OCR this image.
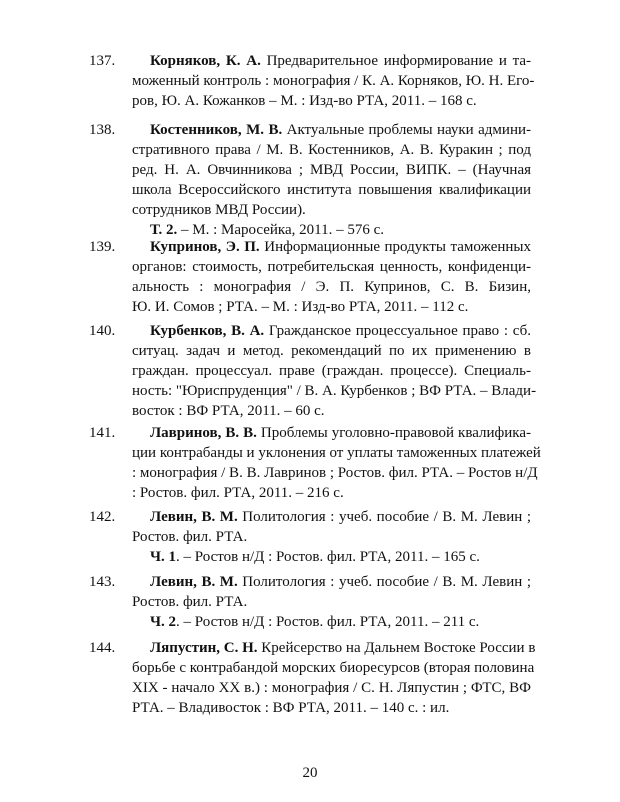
137. Корняков, К. А. Предварительное информирование и та-
моженный контроль : монография / К. А. Корняков, Ю. Н. Его-
ров, Ю. А. Кожанков – М. : Изд-во РТА, 2011. – 168 с.
138. Костенников, М. В. Актуальные проблемы науки админи-
стративного права / М. В. Костенников, А. В. Куракин ; под
ред. Н. А. Овчинникова ; МВД России, ВИПК. – (Научная
школа Всероссийского института повышения квалификации
сотрудников МВД России).
Т. 2. – М. : Маросейка, 2011. – 576 с.
139. Купринов, Э. П. Информационные продукты таможенных
органов: стоимость, потребительская ценность, конфиденци-
альность : монография / Э. П. Купринов, С. В. Бизин,
Ю. И. Сомов ; РТА. – М. : Изд-во РТА, 2011. – 112 с.
140. Курбенков, В. А. Гражданское процессуальное право : сб.
ситуац. задач и метод. рекомендаций по их применению в
граждан. процессуал. праве (граждан. процессе). Специаль-
ность: "Юриспруденция" / В. А. Курбенков ; ВФ РТА. – Влади-
восток : ВФ РТА, 2011. – 60 с.
141. Лавринов, В. В. Проблемы уголовно-правовой квалифика-
ции контрабанды и уклонения от уплаты таможенных платежей
: монография / В. В. Лавринов ; Ростов. фил. РТА. – Ростов н/Д
: Ростов. фил. РТА, 2011. – 216 с.
142. Левин, В. М. Политология : учеб. пособие / В. М. Левин ;
Ростов. фил. РТА.
Ч. 1. – Ростов н/Д : Ростов. фил. РТА, 2011. – 165 с.
143. Левин, В. М. Политология : учеб. пособие / В. М. Левин ;
Ростов. фил. РТА.
Ч. 2. – Ростов н/Д : Ростов. фил. РТА, 2011. – 211 с.
144. Ляпустин, С. Н. Крейсерство на Дальнем Востоке России в
борьбе с контрабандой морских биоресурсов (вторая половина
XIX - начало XX в.) : монография / С. Н. Ляпустин ; ФТС, ВФ
РТА. – Владивосток : ВФ РТА, 2011. – 140 с. : ил.
20
